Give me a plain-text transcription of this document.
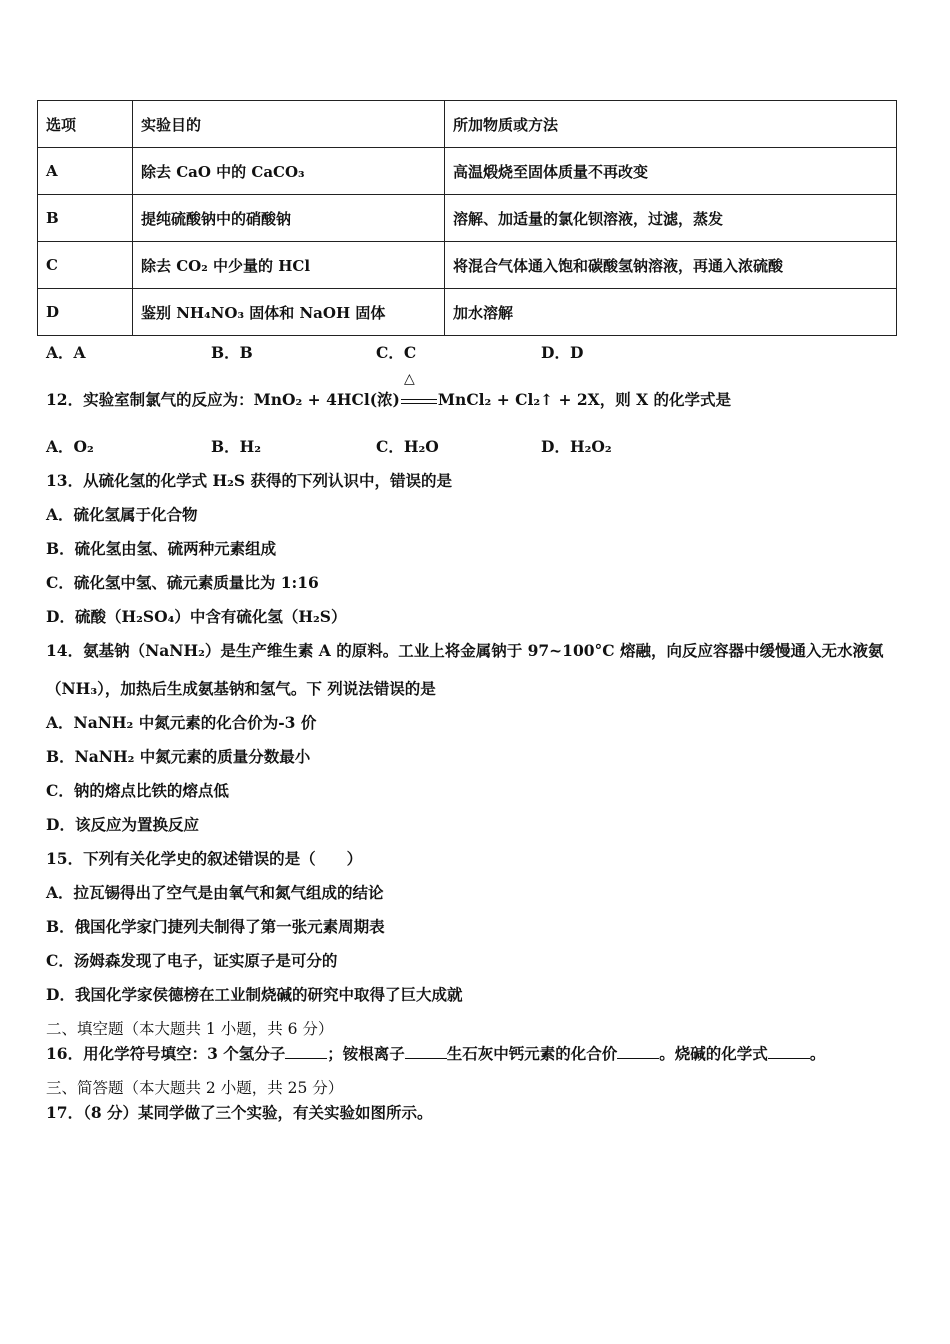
选项	实验目的	所加物质或方法
A	除去 CaO 中的 CaCO₃	高温煅烧至固体质量不再改变
B	提纯硫酸钠中的硝酸钠	溶解、加适量的氯化钡溶液，过滤，蒸发
C	除去 CO₂ 中少量的 HCl	将混合气体通入饱和碳酸氢钠溶液，再通入浓硫酸
D	鉴别 NH₄NO₃ 固体和 NaOH 固体	加水溶解
A．A	B．B	C．C	D．D
△
12．实验室制氯气的反应为：MnO₂ + 4HCl(浓) MnCl₂ + Cl₂↑ + 2X，则 X 的化学式是
A．O₂	B．H₂	C．H₂O	D．H₂O₂
13．从硫化氢的化学式 H₂S 获得的下列认识中，错误的是
A．硫化氢属于化合物
B．硫化氢由氢、硫两种元素组成
C．硫化氢中氢、硫元素质量比为 1:16
D．硫酸（H₂SO₄）中含有硫化氢（H₂S）
14．氨基钠（NaNH₂）是生产维生素 A 的原料。工业上将金属钠于 97~100°C 熔融，向反应容器中缓慢通入无水液氨
（NH₃），加热后生成氨基钠和氢气。下 列说法错误的是
A．NaNH₂ 中氮元素的化合价为-3 价
B．NaNH₂ 中氮元素的质量分数最小
C．钠的熔点比铁的熔点低
D．该反应为置换反应
15．下列有关化学史的叙述错误的是（　　）
A．拉瓦锡得出了空气是由氧气和氮气组成的结论
B．俄国化学家门捷列夫制得了第一张元素周期表
C．汤姆森发现了电子，证实原子是可分的
D．我国化学家侯德榜在工业制烧碱的研究中取得了巨大成就
二、填空题（本大题共 1 小题，共 6 分）
16．用化学符号填空：3 个氢分子	；铵根离子	生石灰中钙元素的化合价	。烧碱的化学式	。
三、简答题（本大题共 2 小题，共 25 分）
17．（8 分）某同学做了三个实验，有关实验如图所示。
